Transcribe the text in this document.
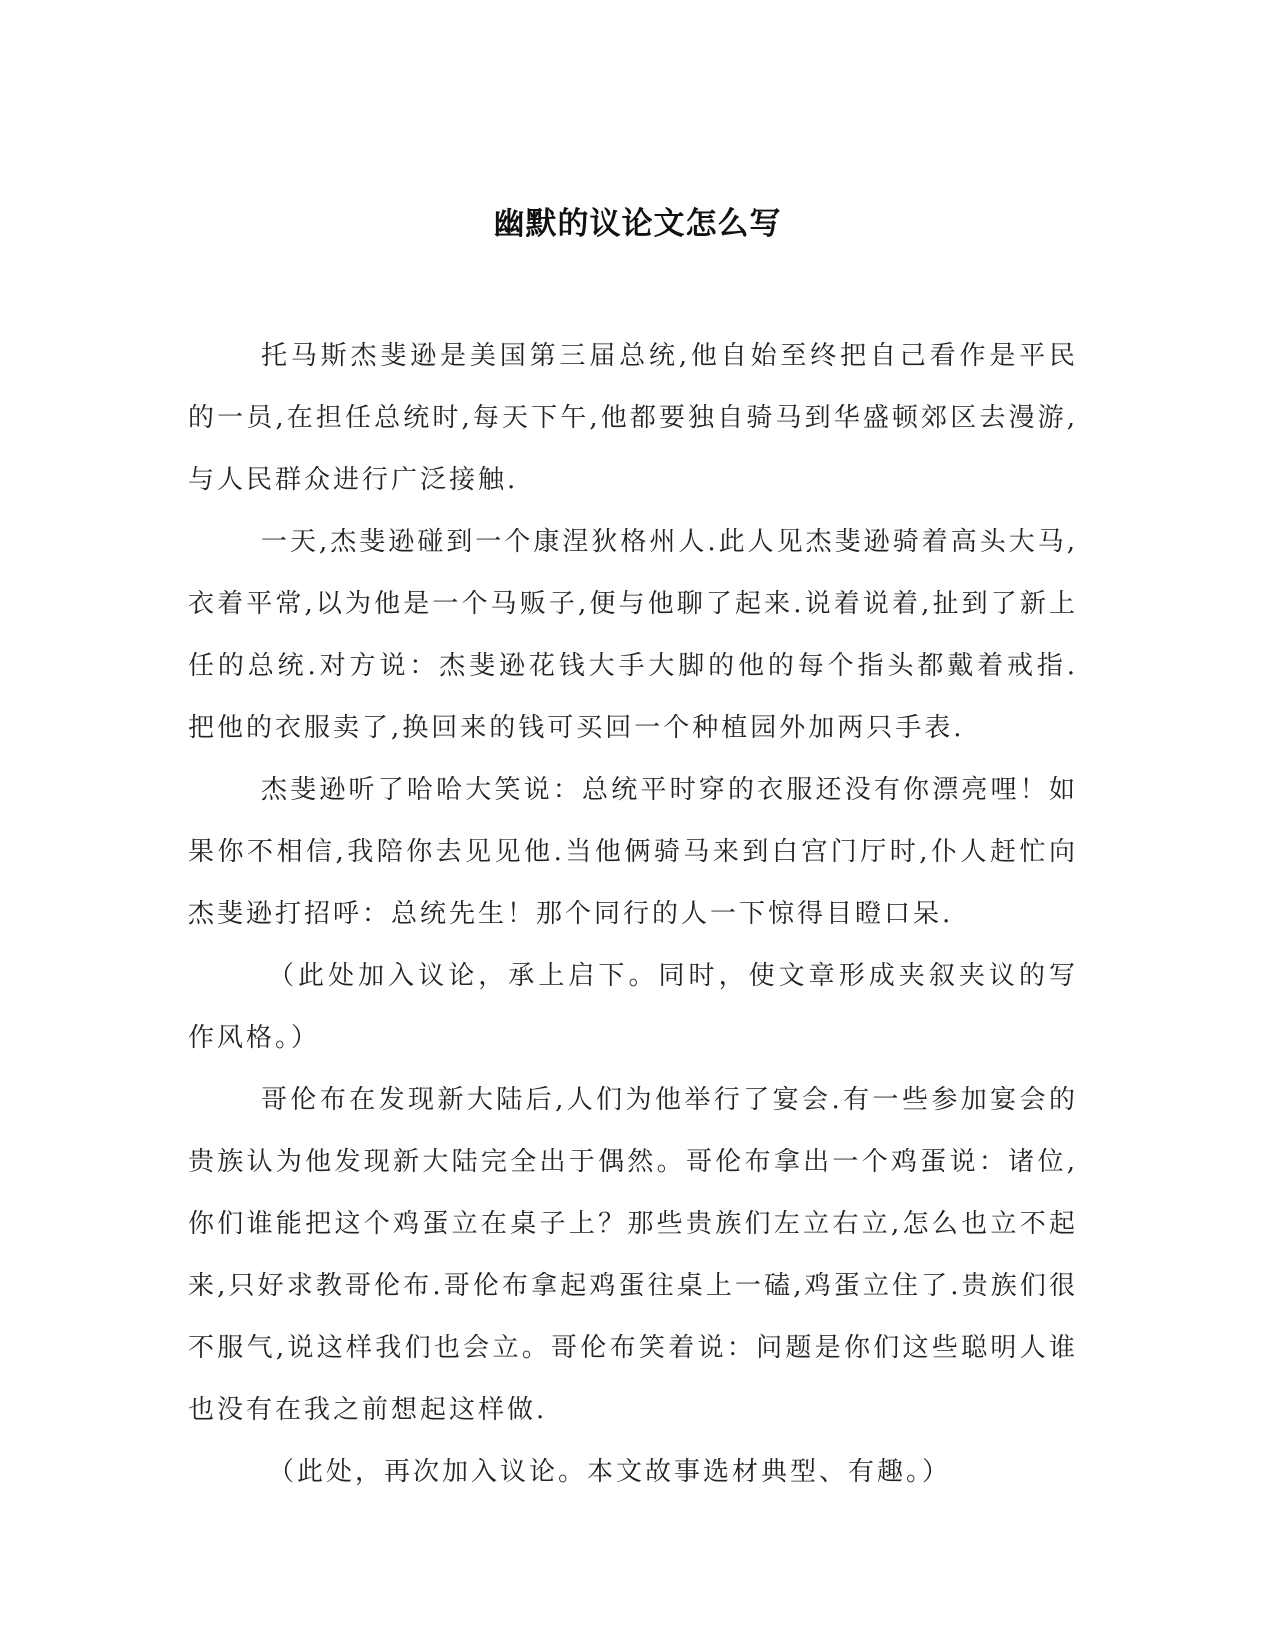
幽默的议论文怎么写

托马斯杰斐逊是美国第三届总统,他自始至终把自己看作是平民的一员,在担任总统时,每天下午,他都要独自骑马到华盛顿郊区去漫游,与人民群众进行广泛接触.

一天,杰斐逊碰到一个康涅狄格州人.此人见杰斐逊骑着高头大马,衣着平常,以为他是一个马贩子,便与他聊了起来.说着说着,扯到了新上任的总统.对方说：杰斐逊花钱大手大脚的他的每个指头都戴着戒指.把他的衣服卖了,换回来的钱可买回一个种植园外加两只手表.

杰斐逊听了哈哈大笑说：总统平时穿的衣服还没有你漂亮哩！如果你不相信,我陪你去见见他.当他俩骑马来到白宫门厅时,仆人赶忙向杰斐逊打招呼：总统先生！那个同行的人一下惊得目瞪口呆.

（此处加入议论，承上启下。同时，使文章形成夹叙夹议的写作风格。）

哥伦布在发现新大陆后,人们为他举行了宴会.有一些参加宴会的贵族认为他发现新大陆完全出于偶然。哥伦布拿出一个鸡蛋说：诸位,你们谁能把这个鸡蛋立在桌子上？那些贵族们左立右立,怎么也立不起来,只好求教哥伦布.哥伦布拿起鸡蛋往桌上一磕,鸡蛋立住了.贵族们很不服气,说这样我们也会立。哥伦布笑着说：问题是你们这些聪明人谁也没有在我之前想起这样做.

（此处，再次加入议论。本文故事选材典型、有趣。）
